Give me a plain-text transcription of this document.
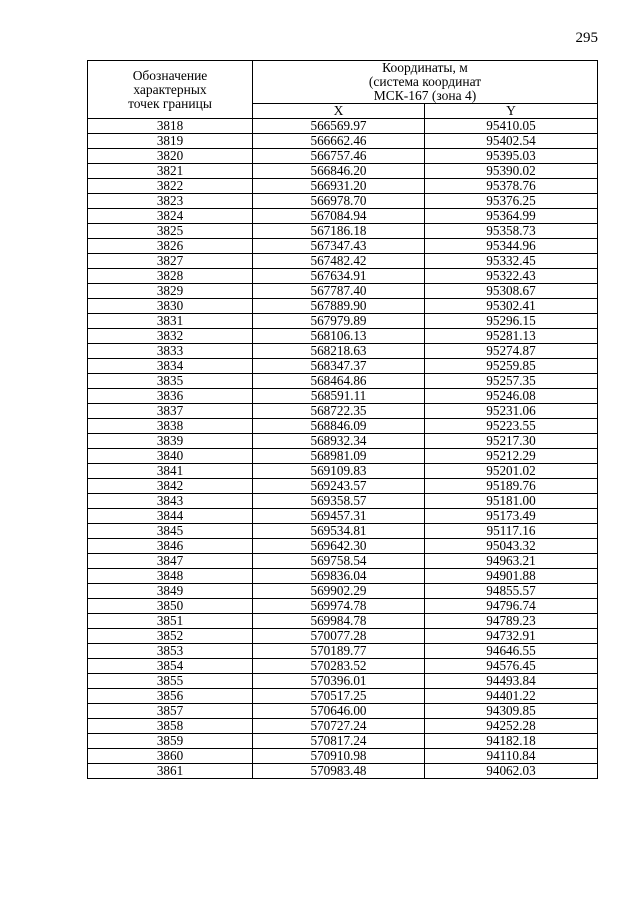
295
Обозначение
характерных
точек границы	Координаты, м
(система координат
МСК-167 (зона 4)	

	X	Y
3818	566569.97	95410.05
3819	566662.46	95402.54
3820	566757.46	95395.03
3821	566846.20	95390.02
3822	566931.20	95378.76
3823	566978.70	95376.25
3824	567084.94	95364.99
3825	567186.18	95358.73
3826	567347.43	95344.96
3827	567482.42	95332.45
3828	567634.91	95322.43
3829	567787.40	95308.67
3830	567889.90	95302.41
3831	567979.89	95296.15
3832	568106.13	95281.13
3833	568218.63	95274.87
3834	568347.37	95259.85
3835	568464.86	95257.35
3836	568591.11	95246.08
3837	568722.35	95231.06
3838	568846.09	95223.55
3839	568932.34	95217.30
3840	568981.09	95212.29
3841	569109.83	95201.02
3842	569243.57	95189.76
3843	569358.57	95181.00
3844	569457.31	95173.49
3845	569534.81	95117.16
3846	569642.30	95043.32
3847	569758.54	94963.21
3848	569836.04	94901.88
3849	569902.29	94855.57
3850	569974.78	94796.74
3851	569984.78	94789.23
3852	570077.28	94732.91
3853	570189.77	94646.55
3854	570283.52	94576.45
3855	570396.01	94493.84
3856	570517.25	94401.22
3857	570646.00	94309.85
3858	570727.24	94252.28
3859	570817.24	94182.18
3860	570910.98	94110.84
3861	570983.48	94062.03
